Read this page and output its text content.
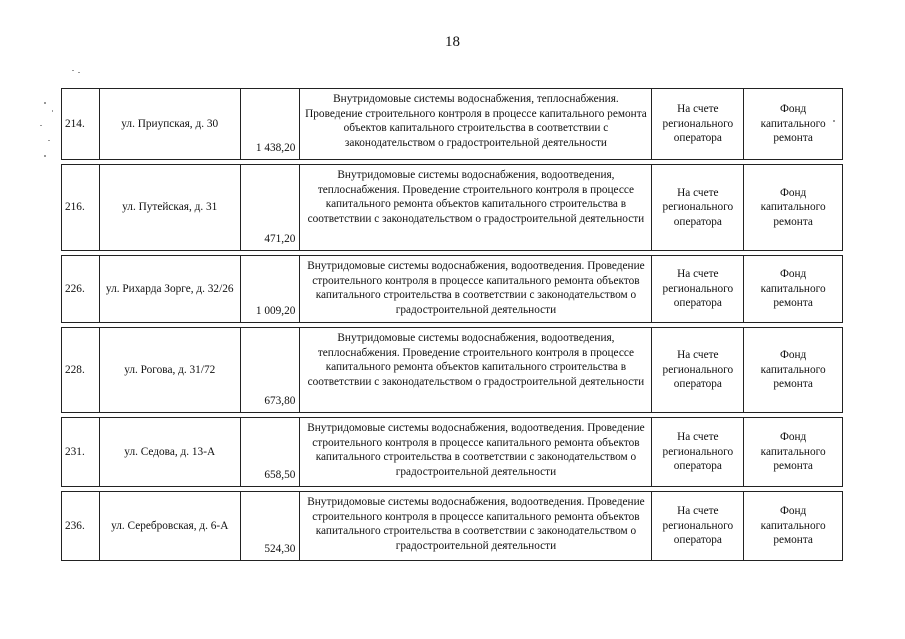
18
214.	ул. Приупская, д. 30
1 438,20
Внутридомовые системы водоснабжения, теплоснабжения. Проведение строительного контроля в процессе капитального ремонта объектов капитального строительства в соответствии с законодательством о градостроительной деятельности
На счете регионального оператора
Фонд капитального ремонта
216.	ул. Путейская, д. 31
471,20
Внутридомовые системы водоснабжения, водоотведения, теплоснабжения. Проведение строительного контроля в процессе капитального ремонта объектов капитального строительства в соответствии с законодательством о градостроительной деятельности
На счете регионального оператора
Фонд капитального ремонта
226.	ул. Рихарда Зорге, д. 32/26
1 009,20
Внутридомовые системы водоснабжения, водоотведения. Проведение строительного контроля в процессе капитального ремонта объектов капитального строительства в соответствии с законодательством о градостроительной деятельности
На счете регионального оператора
Фонд капитального ремонта
228.	ул. Рогова, д. 31/72
673,80
Внутридомовые системы водоснабжения, водоотведения, теплоснабжения. Проведение строительного контроля в процессе капитального ремонта объектов капитального строительства в соответствии с законодательством о градостроительной деятельности
На счете регионального оператора
Фонд капитального ремонта
231.	ул. Седова, д. 13-А
658,50
Внутридомовые системы водоснабжения, водоотведения. Проведение строительного контроля в процессе капитального ремонта объектов капитального строительства в соответствии с законодательством о градостроительной деятельности
На счете регионального оператора
Фонд капитального ремонта
236.	ул. Серебровская, д. 6-А
524,30
Внутридомовые системы водоснабжения, водоотведения. Проведение строительного контроля в процессе капитального ремонта объектов капитального строительства в соответствии с законодательством о градостроительной деятельности
На счете регионального оператора
Фонд капитального ремонта
